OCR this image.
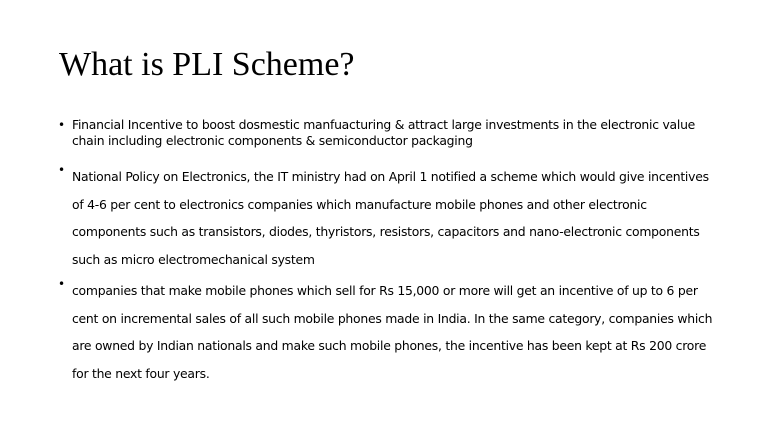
What is PLI Scheme?
• Financial Incentive to boost dosmestic manfuacturing & attract large investments in the electronic value chain including electronic components & semiconductor packaging
• National Policy on Electronics, the IT ministry had on April 1 notified a scheme which would give incentives of 4-6 per cent to electronics companies which manufacture mobile phones and other electronic components such as transistors, diodes, thyristors, resistors, capacitors and nano-electronic components such as micro electromechanical system
• companies that make mobile phones which sell for Rs 15,000 or more will get an incentive of up to 6 per cent on incremental sales of all such mobile phones made in India. In the same category, companies which are owned by Indian nationals and make such mobile phones, the incentive has been kept at Rs 200 crore for the next four years.
